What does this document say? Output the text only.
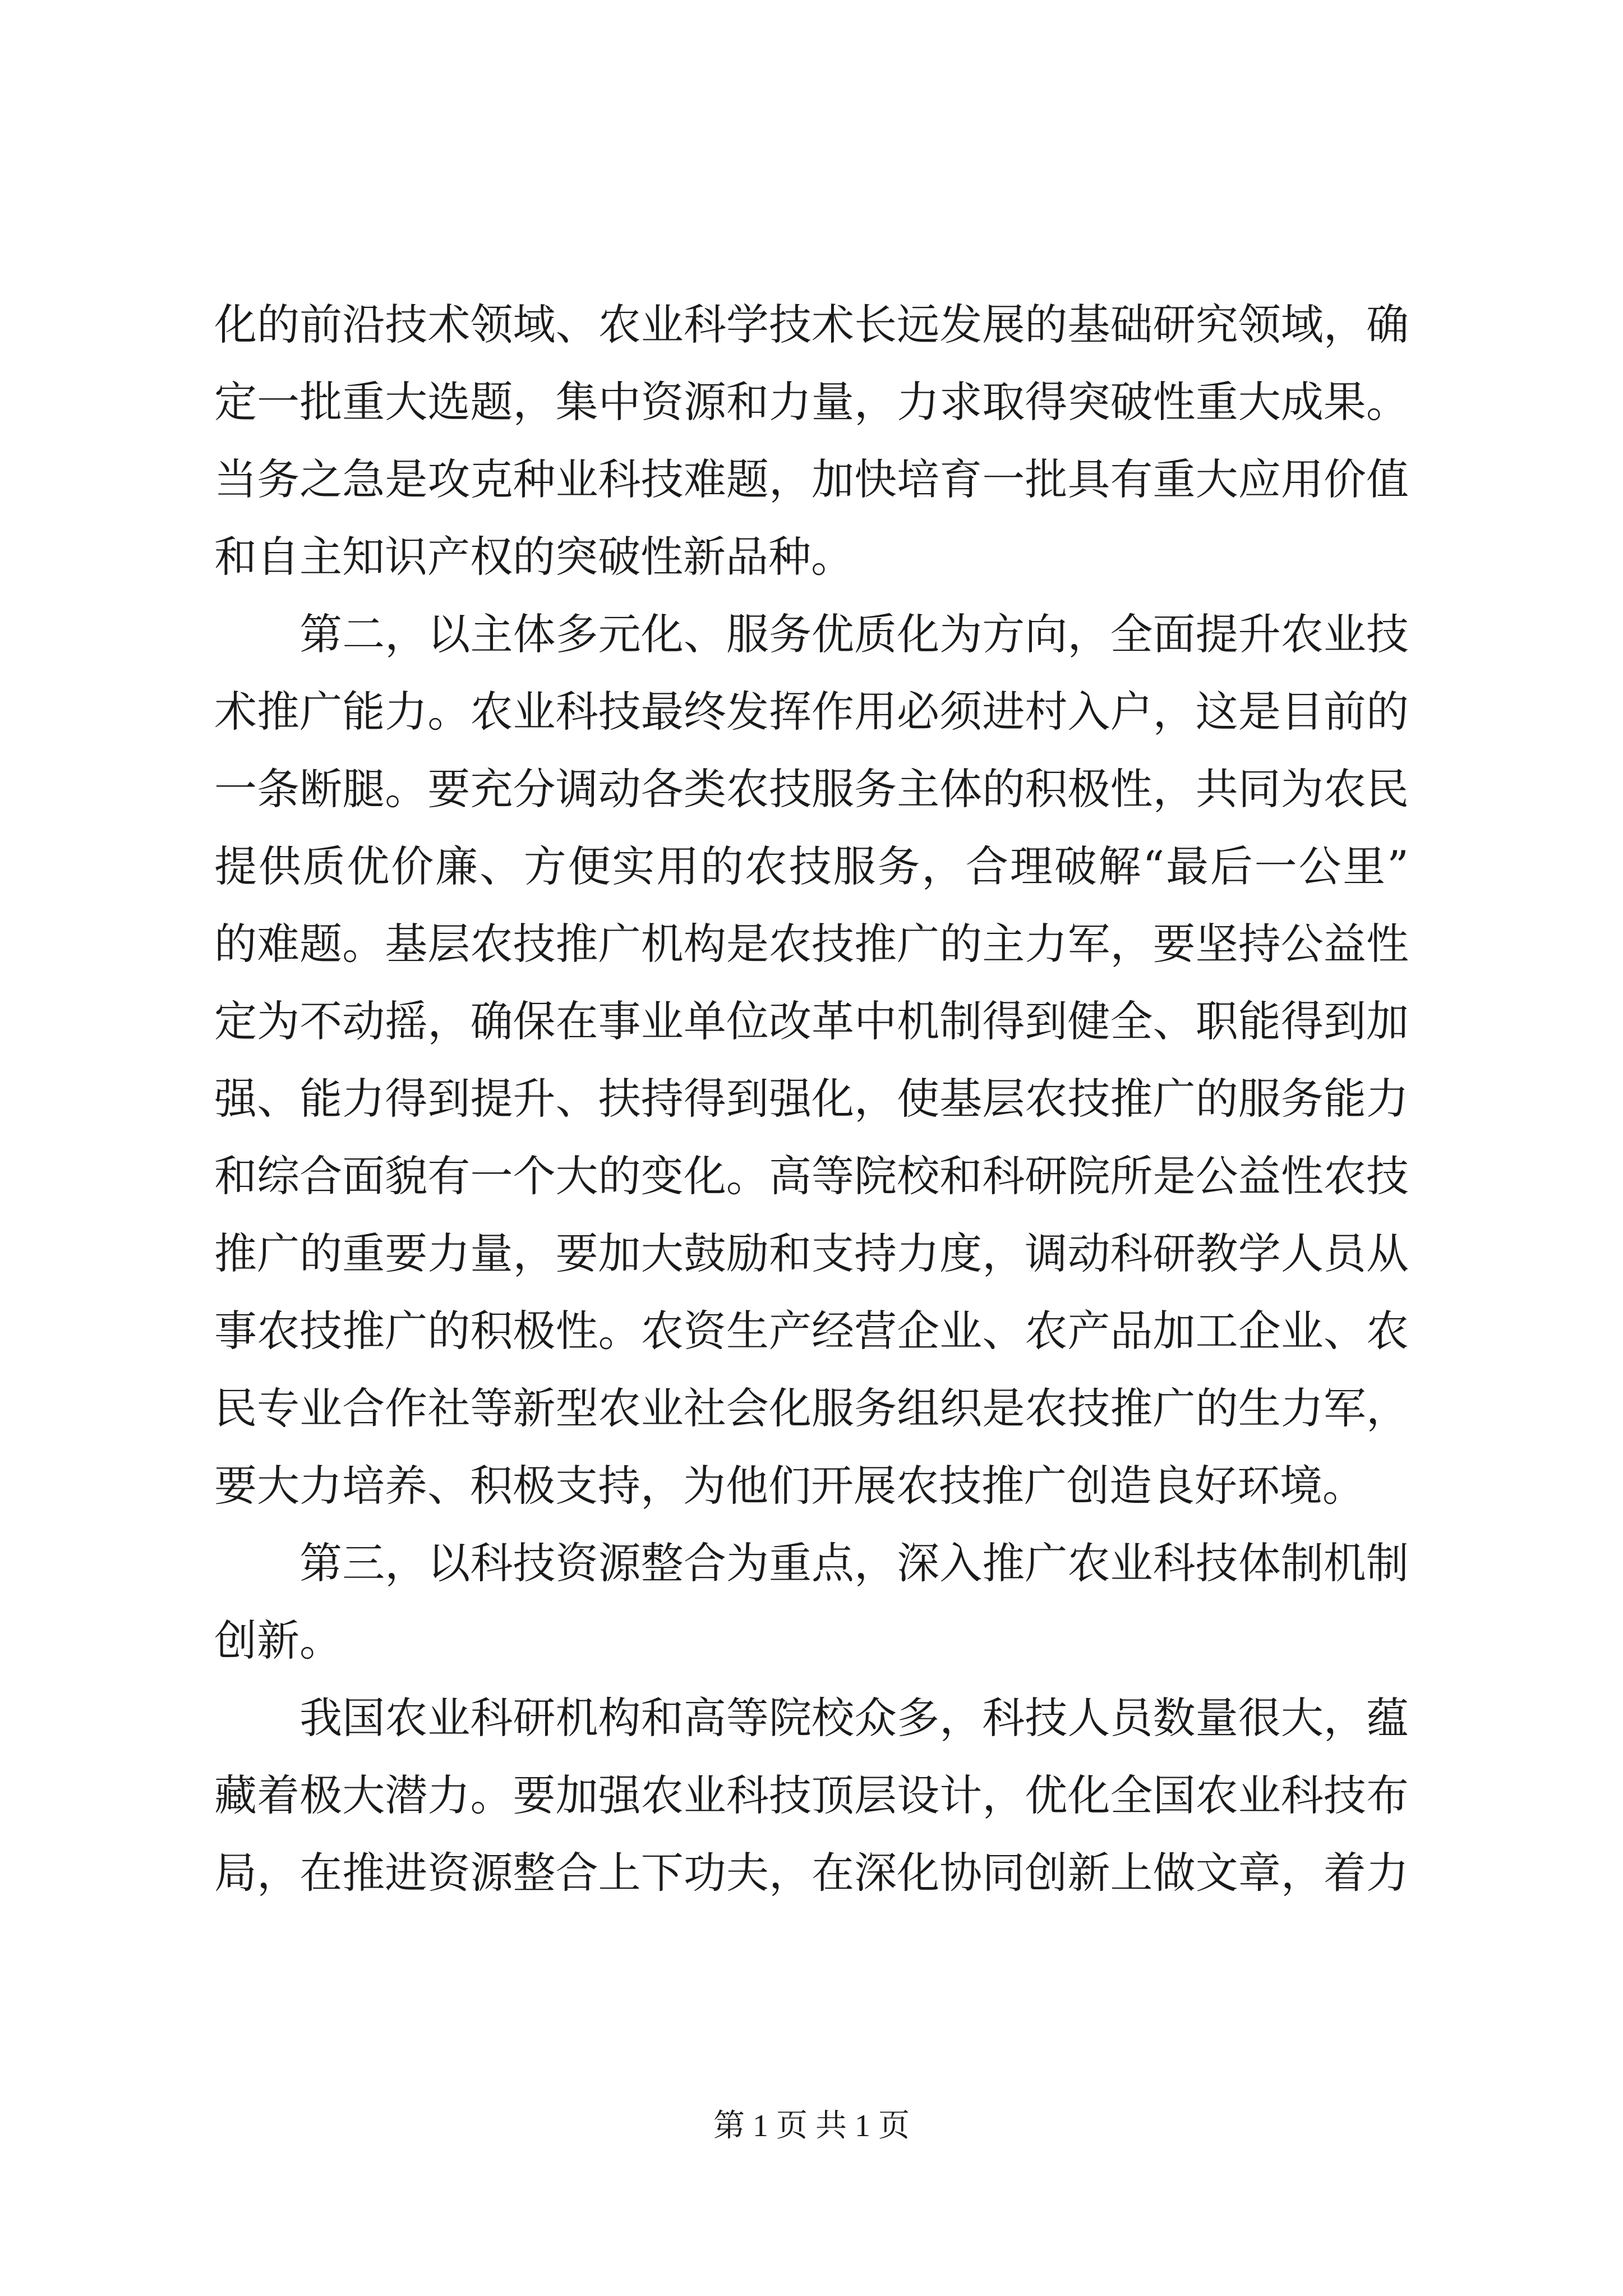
化的前沿技术领域、农业科学技术长远发展的基础研究领域，确
定一批重大选题，集中资源和力量，力求取得突破性重大成果。
当务之急是攻克种业科技难题，加快培育一批具有重大应用价值
和自主知识产权的突破性新品种。
　　第二，以主体多元化、服务优质化为方向，全面提升农业技
术推广能力。农业科技最终发挥作用必须进村入户，这是目前的
一条断腿。要充分调动各类农技服务主体的积极性，共同为农民
提供质优价廉、方便实用的农技服务，合理破解“最后一公里”
的难题。基层农技推广机构是农技推广的主力军，要坚持公益性
定为不动摇，确保在事业单位改革中机制得到健全、职能得到加
强、能力得到提升、扶持得到强化，使基层农技推广的服务能力
和综合面貌有一个大的变化。高等院校和科研院所是公益性农技
推广的重要力量，要加大鼓励和支持力度，调动科研教学人员从
事农技推广的积极性。农资生产经营企业、农产品加工企业、农
民专业合作社等新型农业社会化服务组织是农技推广的生力军，
要大力培养、积极支持，为他们开展农技推广创造良好环境。
　　第三，以科技资源整合为重点，深入推广农业科技体制机制
创新。
　　我国农业科研机构和高等院校众多，科技人员数量很大，蕴
藏着极大潜力。要加强农业科技顶层设计，优化全国农业科技布
局，在推进资源整合上下功夫，在深化协同创新上做文章，着力
第 1 页 共 1 页
